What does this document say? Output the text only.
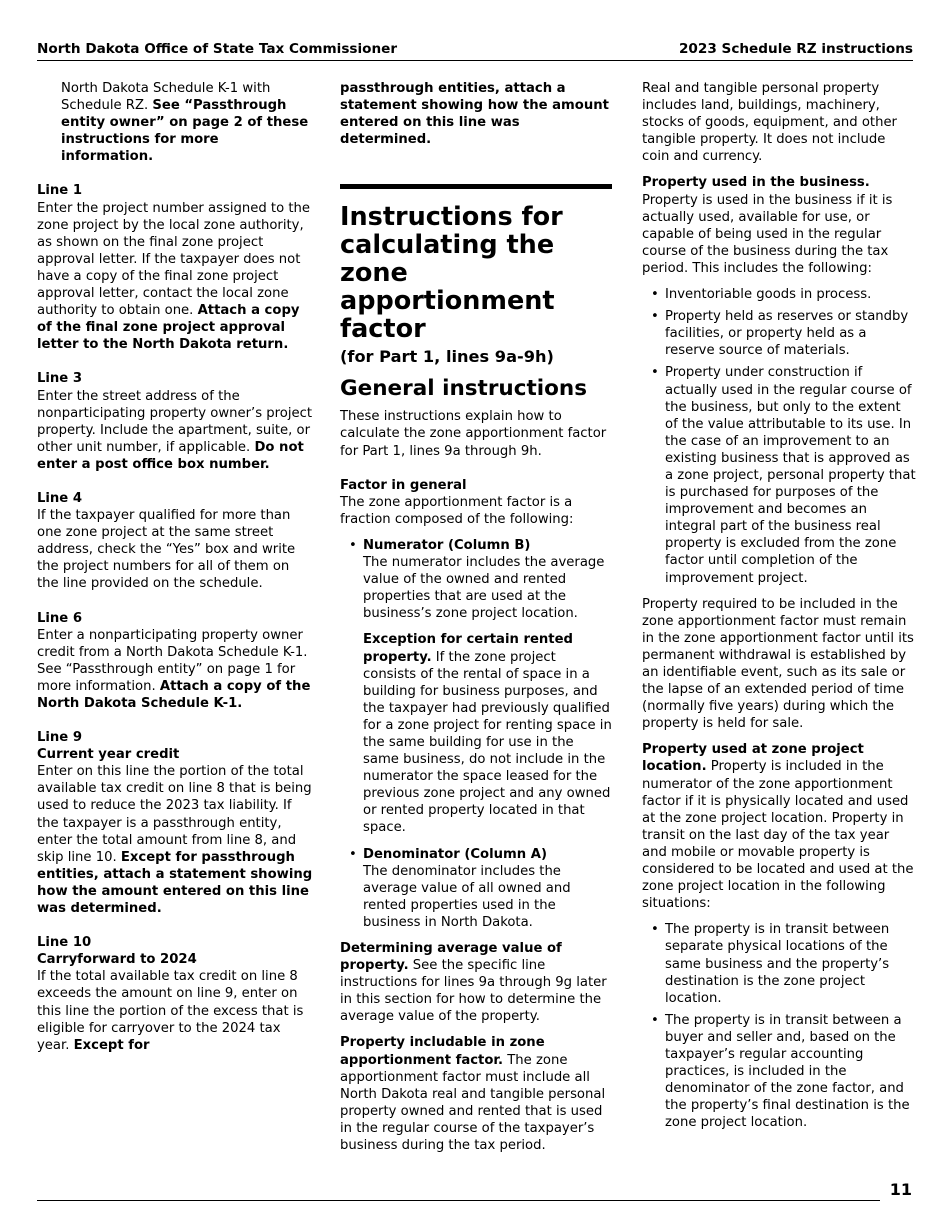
North Dakota Office of State Tax Commissioner	2023 Schedule RZ instructions

North Dakota Schedule K-1 with Schedule RZ. See “Passthrough entity owner” on page 2 of these instructions for more information.

Line 1

Enter the project number assigned to the zone project by the local zone authority, as shown on the final zone project approval letter. If the taxpayer does not have a copy of the final zone project approval letter, contact the local zone authority to obtain one. Attach a copy of the final zone project approval letter to the North Dakota return.

Line 3

Enter the street address of the nonparticipating property owner’s project property. Include the apartment, suite, or other unit number, if applicable. Do not enter a post office box number.

Line 4

If the taxpayer qualified for more than one zone project at the same street address, check the “Yes” box and write the project numbers for all of them on the line provided on the schedule.

Line 6

Enter a nonparticipating property owner credit from a North Dakota Schedule K-1. See “Passthrough entity” on page 1 for more information. Attach a copy of the North Dakota Schedule K-1.

Line 9

Current year credit

Enter on this line the portion of the total available tax credit on line 8 that is being used to reduce the 2023 tax liability. If the taxpayer is a passthrough entity, enter the total amount from line 8, and skip line 10. Except for passthrough entities, attach a statement showing how the amount entered on this line was determined.

Line 10

Carryforward to 2024

If the total available tax credit on line 8 exceeds the amount on line 9, enter on this line the portion of the excess that is eligible for carryover to the 2024 tax year. Except for

passthrough entities, attach a statement showing how the amount entered on this line was determined.

Instructions for calculating the zone apportionment factor
(for Part 1, lines 9a-9h)
General instructions

These instructions explain how to calculate the zone apportionment factor for Part 1, lines 9a through 9h.

Factor in general

The zone apportionment factor is a fraction composed of the following:

• Numerator (Column B)

The numerator includes the average value of the owned and rented properties that are used at the business’s zone project location.

Exception for certain rented property. If the zone project consists of the rental of space in a building for business purposes, and the taxpayer had previously qualified for a zone project for renting space in the same building for use in the same business, do not include in the numerator the space leased for the previous zone project and any owned or rented property located in that space.

• Denominator (Column A)

The denominator includes the average value of all owned and rented properties used in the business in North Dakota.

Determining average value of property. See the specific line instructions for lines 9a through 9g later in this section for how to determine the average value of the property.

Property includable in zone apportionment factor. The zone apportionment factor must include all North Dakota real and tangible personal property owned and rented that is used in the regular course of the taxpayer’s business during the tax period.

Real and tangible personal property includes land, buildings, machinery, stocks of goods, equipment, and other tangible property. It does not include coin and currency.

Property used in the business. Property is used in the business if it is actually used, available for use, or capable of being used in the regular course of the business during the tax period. This includes the following:

• Inventoriable goods in process.
• Property held as reserves or standby facilities, or property held as a reserve source of materials.
• Property under construction if actually used in the regular course of the business, but only to the extent of the value attributable to its use. In the case of an improvement to an existing business that is approved as a zone project, personal property that is purchased for purposes of the improvement and becomes an integral part of the business real property is excluded from the zone factor until completion of the improvement project.

Property required to be included in the zone apportionment factor must remain in the zone apportionment factor until its permanent withdrawal is established by an identifiable event, such as its sale or the lapse of an extended period of time (normally five years) during which the property is held for sale.

Property used at zone project location. Property is included in the numerator of the zone apportionment factor if it is physically located and used at the zone project location. Property in transit on the last day of the tax year and mobile or movable property is considered to be located and used at the zone project location in the following situations:

• The property is in transit between separate physical locations of the same business and the property’s destination is the zone project location.
• The property is in transit between a buyer and seller and, based on the taxpayer’s regular accounting practices, is included in the denominator of the zone factor, and the property’s final destination is the zone project location.
11
